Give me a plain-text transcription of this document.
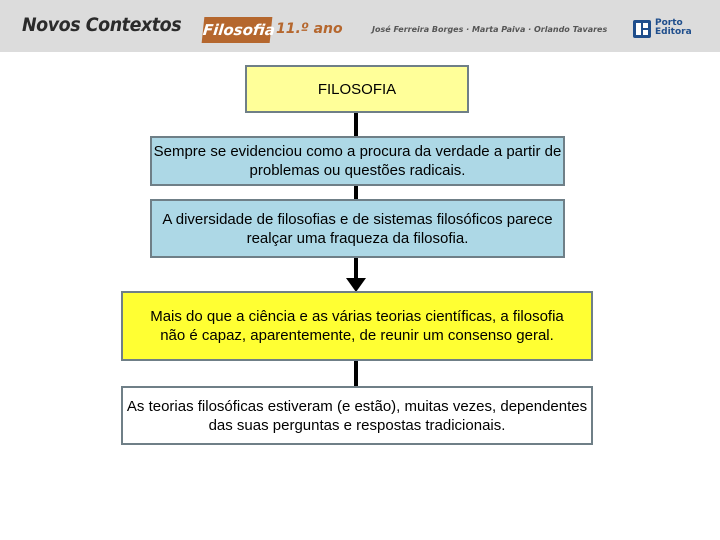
Novos Contextos Filosofia 11.º ano	José Ferreira Borges · Marta Paiva · Orlando Tavares
Porto
Editora
FILOSOFIA
Sempre se evidenciou como a procura da verdade a partir de problemas ou questões radicais.
A diversidade de filosofias e de sistemas filosóficos parece realçar uma fraqueza da filosofia.
Mais do que a ciência e as várias teorias científicas, a filosofia não é capaz, aparentemente, de reunir um consenso geral.
As teorias filosóficas estiveram (e estão), muitas vezes, dependentes das suas perguntas e respostas tradicionais.
